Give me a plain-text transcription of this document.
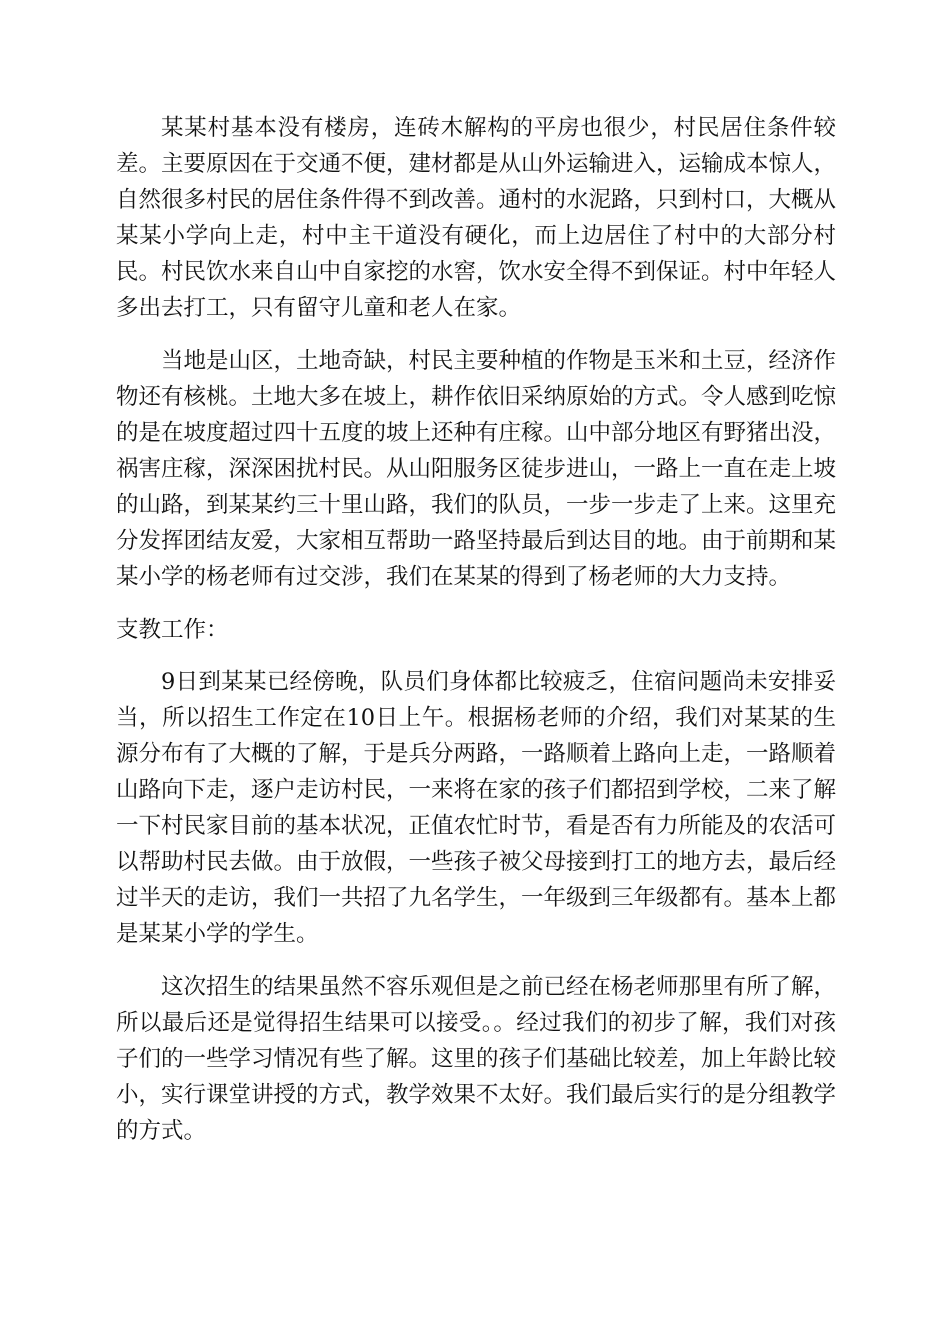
某某村基本没有楼房，连砖木解构的平房也很少，村民居住条件较差。主要原因在于交通不便，建材都是从山外运输进入，运输成本惊人，自然很多村民的居住条件得不到改善。通村的水泥路，只到村口，大概从某某小学向上走，村中主干道没有硬化，而上边居住了村中的大部分村民。村民饮水来自山中自家挖的水窖，饮水安全得不到保证。村中年轻人多出去打工，只有留守儿童和老人在家。

当地是山区，土地奇缺，村民主要种植的作物是玉米和土豆，经济作物还有核桃。土地大多在坡上，耕作依旧采纳原始的方式。令人感到吃惊的是在坡度超过四十五度的坡上还种有庄稼。山中部分地区有野猪出没，祸害庄稼，深深困扰村民。从山阳服务区徒步进山，一路上一直在走上坡的山路，到某某约三十里山路，我们的队员，一步一步走了上来。这里充分发挥团结友爱，大家相互帮助一路坚持最后到达目的地。由于前期和某某小学的杨老师有过交涉，我们在某某的得到了杨老师的大力支持。

支教工作：

9日到某某已经傍晚，队员们身体都比较疲乏，住宿问题尚未安排妥当，所以招生工作定在10日上午。根据杨老师的介绍，我们对某某的生源分布有了大概的了解，于是兵分两路，一路顺着上路向上走，一路顺着山路向下走，逐户走访村民，一来将在家的孩子们都招到学校，二来了解一下村民家目前的基本状况，正值农忙时节，看是否有力所能及的农活可以帮助村民去做。由于放假，一些孩子被父母接到打工的地方去，最后经过半天的走访，我们一共招了九名学生，一年级到三年级都有。基本上都是某某小学的学生。

这次招生的结果虽然不容乐观但是之前已经在杨老师那里有所了解，所以最后还是觉得招生结果可以接受。。经过我们的初步了解，我们对孩子们的一些学习情况有些了解。这里的孩子们基础比较差，加上年龄比较小，实行课堂讲授的方式，教学效果不太好。我们最后实行的是分组教学的方式。
